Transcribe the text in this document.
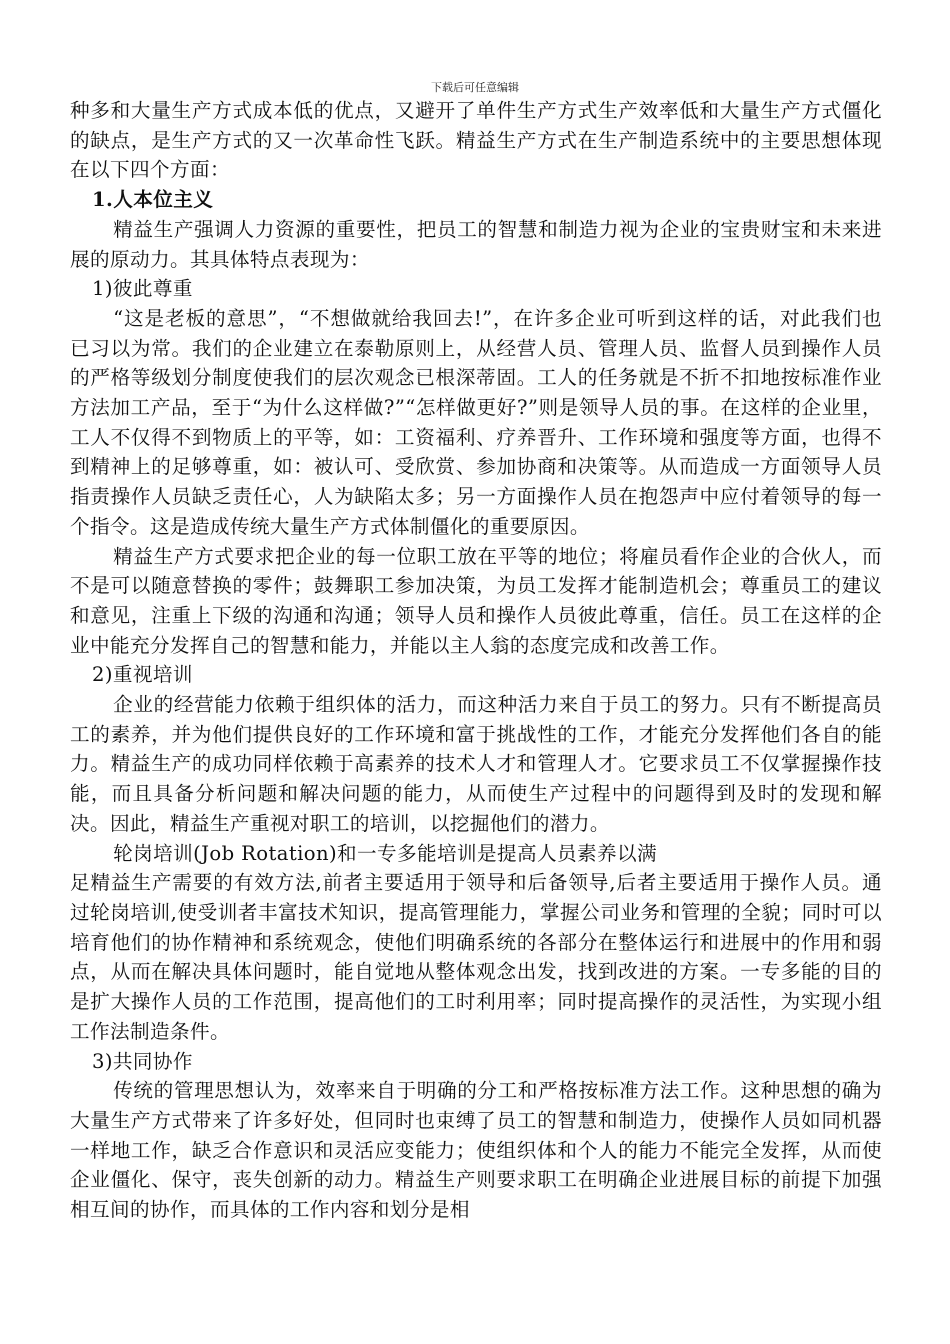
下载后可任意编辑

种多和大量生产方式成本低的优点，又避开了单件生产方式生产效率低和大量生产方式僵化的缺点，是生产方式的又一次革命性飞跃。精益生产方式在生产制造系统中的主要思想体现在以下四个方面：

1.人本位主义

精益生产强调人力资源的重要性，把员工的智慧和制造力视为企业的宝贵财宝和未来进展的原动力。其具体特点表现为：

1)彼此尊重

“这是老板的意思”，“不想做就给我回去!”，在许多企业可听到这样的话，对此我们也已习以为常。我们的企业建立在泰勒原则上，从经营人员、管理人员、监督人员到操作人员的严格等级划分制度使我们的层次观念已根深蒂固。工人的任务就是不折不扣地按标准作业方法加工产品，至于“为什么这样做?”“怎样做更好?”则是领导人员的事。在这样的企业里，工人不仅得不到物质上的平等，如：工资福利、疗养晋升、工作环境和强度等方面，也得不到精神上的足够尊重，如：被认可、受欣赏、参加协商和决策等。从而造成一方面领导人员指责操作人员缺乏责任心，人为缺陷太多；另一方面操作人员在抱怨声中应付着领导的每一个指令。这是造成传统大量生产方式体制僵化的重要原因。

精益生产方式要求把企业的每一位职工放在平等的地位；将雇员看作企业的合伙人，而不是可以随意替换的零件；鼓舞职工参加决策，为员工发挥才能制造机会；尊重员工的建议和意见，注重上下级的沟通和沟通；领导人员和操作人员彼此尊重，信任。员工在这样的企业中能充分发挥自己的智慧和能力，并能以主人翁的态度完成和改善工作。

2)重视培训

企业的经营能力依赖于组织体的活力，而这种活力来自于员工的努力。只有不断提高员工的素养，并为他们提供良好的工作环境和富于挑战性的工作，才能充分发挥他们各自的能力。精益生产的成功同样依赖于高素养的技术人才和管理人才。它要求员工不仅掌握操作技能，而且具备分析问题和解决问题的能力，从而使生产过程中的问题得到及时的发现和解决。因此，精益生产重视对职工的培训，以挖掘他们的潜力。

轮岗培训(Job Rotation)和一专多能培训是提高人员素养以满

足精益生产需要的有效方法,前者主要适用于领导和后备领导,后者主要适用于操作人员。通过轮岗培训,使受训者丰富技术知识，提高管理能力，掌握公司业务和管理的全貌；同时可以培育他们的协作精神和系统观念，使他们明确系统的各部分在整体运行和进展中的作用和弱点，从而在解决具体问题时，能自觉地从整体观念出发，找到改进的方案。一专多能的目的是扩大操作人员的工作范围，提高他们的工时利用率；同时提高操作的灵活性，为实现小组工作法制造条件。

3)共同协作

传统的管理思想认为，效率来自于明确的分工和严格按标准方法工作。这种思想的确为大量生产方式带来了许多好处，但同时也束缚了员工的智慧和制造力，使操作人员如同机器一样地工作，缺乏合作意识和灵活应变能力；使组织体和个人的能力不能完全发挥，从而使企业僵化、保守，丧失创新的动力。精益生产则要求职工在明确企业进展目标的前提下加强相互间的协作，而具体的工作内容和划分是相
